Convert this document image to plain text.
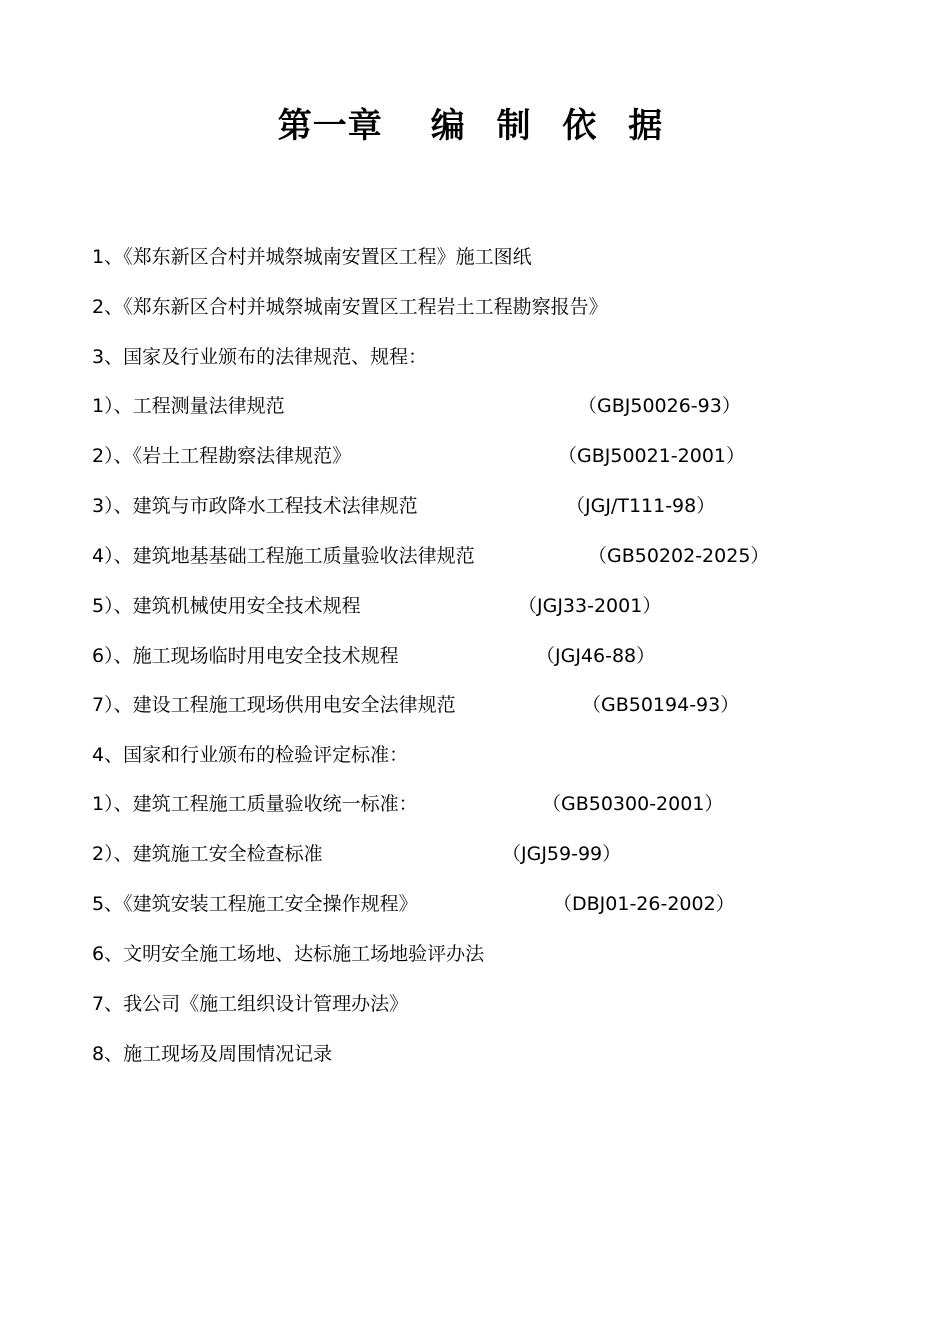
第一章 编 制 依 据
1、《郑东新区合村并城祭城南安置区工程》施工图纸
2、《郑东新区合村并城祭城南安置区工程岩土工程勘察报告》
3、国家及行业颁布的法律规范、规程：
1）、工程测量法律规范	（GBJ50026-93）
2）、《岩土工程勘察法律规范》	（GBJ50021-2001）
3）、建筑与市政降水工程技术法律规范	（JGJ/T111-98）
4）、建筑地基基础工程施工质量验收法律规范	（GB50202-2025）
5）、建筑机械使用安全技术规程	（JGJ33-2001）
6）、施工现场临时用电安全技术规程	（JGJ46-88）
7）、建设工程施工现场供用电安全法律规范	（GB50194-93）
4、国家和行业颁布的检验评定标准：
1）、建筑工程施工质量验收统一标准：	（GB50300-2001）
2）、建筑施工安全检查标准	（JGJ59-99）
5、《建筑安装工程施工安全操作规程》	（DBJ01-26-2002）
6、文明安全施工场地、达标施工场地验评办法
7、我公司《施工组织设计管理办法》
8、施工现场及周围情况记录
